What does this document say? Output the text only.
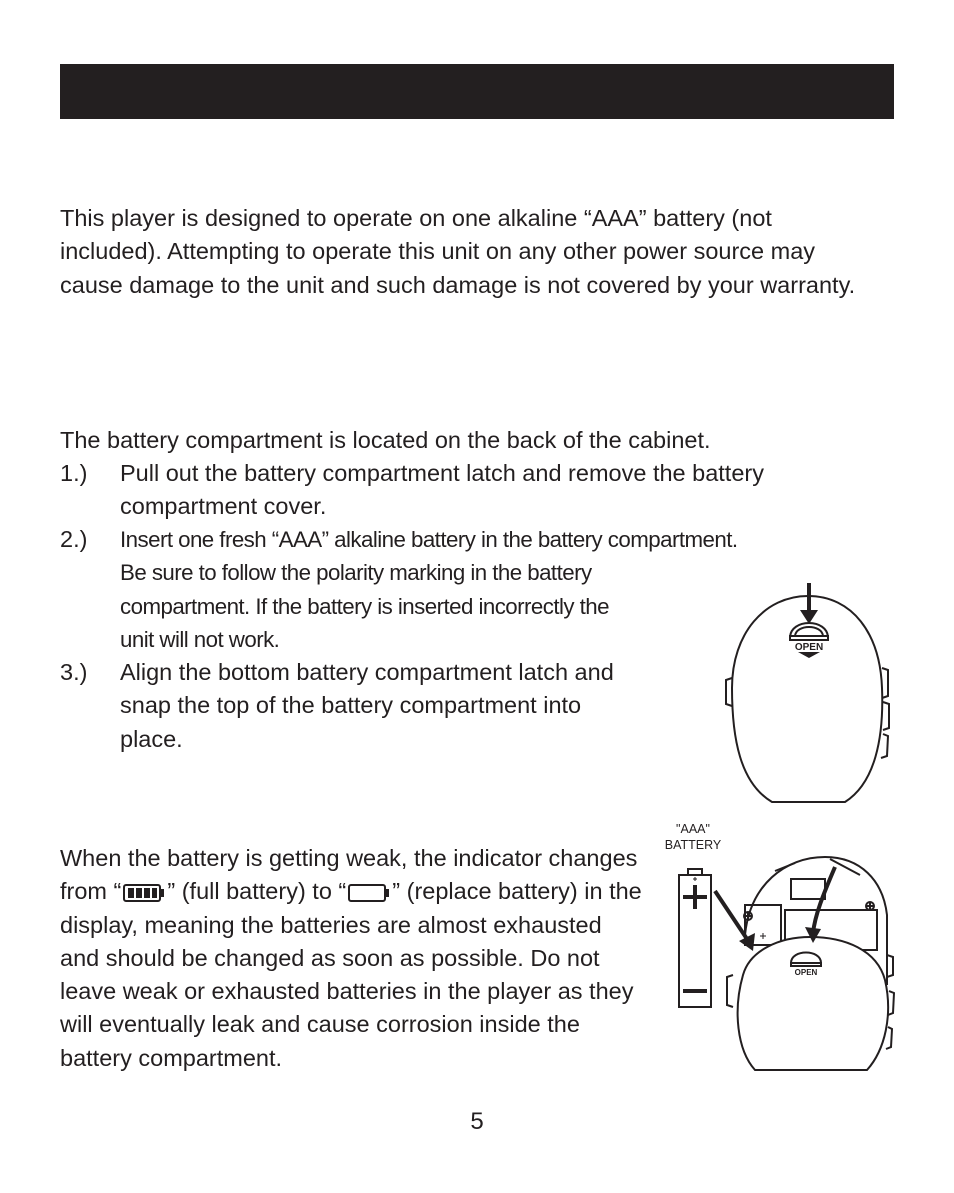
This player is designed to operate on one alkaline “AAA” battery (not included). Attempting to operate this unit on any other power source may cause damage to the unit and such damage is not covered by your warranty.

The battery compartment is located on the back of the cabinet.

1.)	Pull out the battery compartment latch and remove the battery compartment cover.
2.)	Insert one fresh “AAA” alkaline battery in the battery compartment.
Be sure to follow the polarity marking in the battery compartment. If the battery is inserted incorrectly the unit will not work.
3.)	Align the bottom battery compartment latch and snap the top of the battery compartment into place.

When the battery is getting weak, the indicator changes from “ ” (full battery) to “ ” (replace battery) in the display, meaning the batteries are almost exhausted and should be changed as soon as possible. Do not leave weak or exhausted batteries in the player as they will eventually leak and cause corrosion inside the battery compartment.

OPEN
"AAA"
BATTERY
OPEN
5
